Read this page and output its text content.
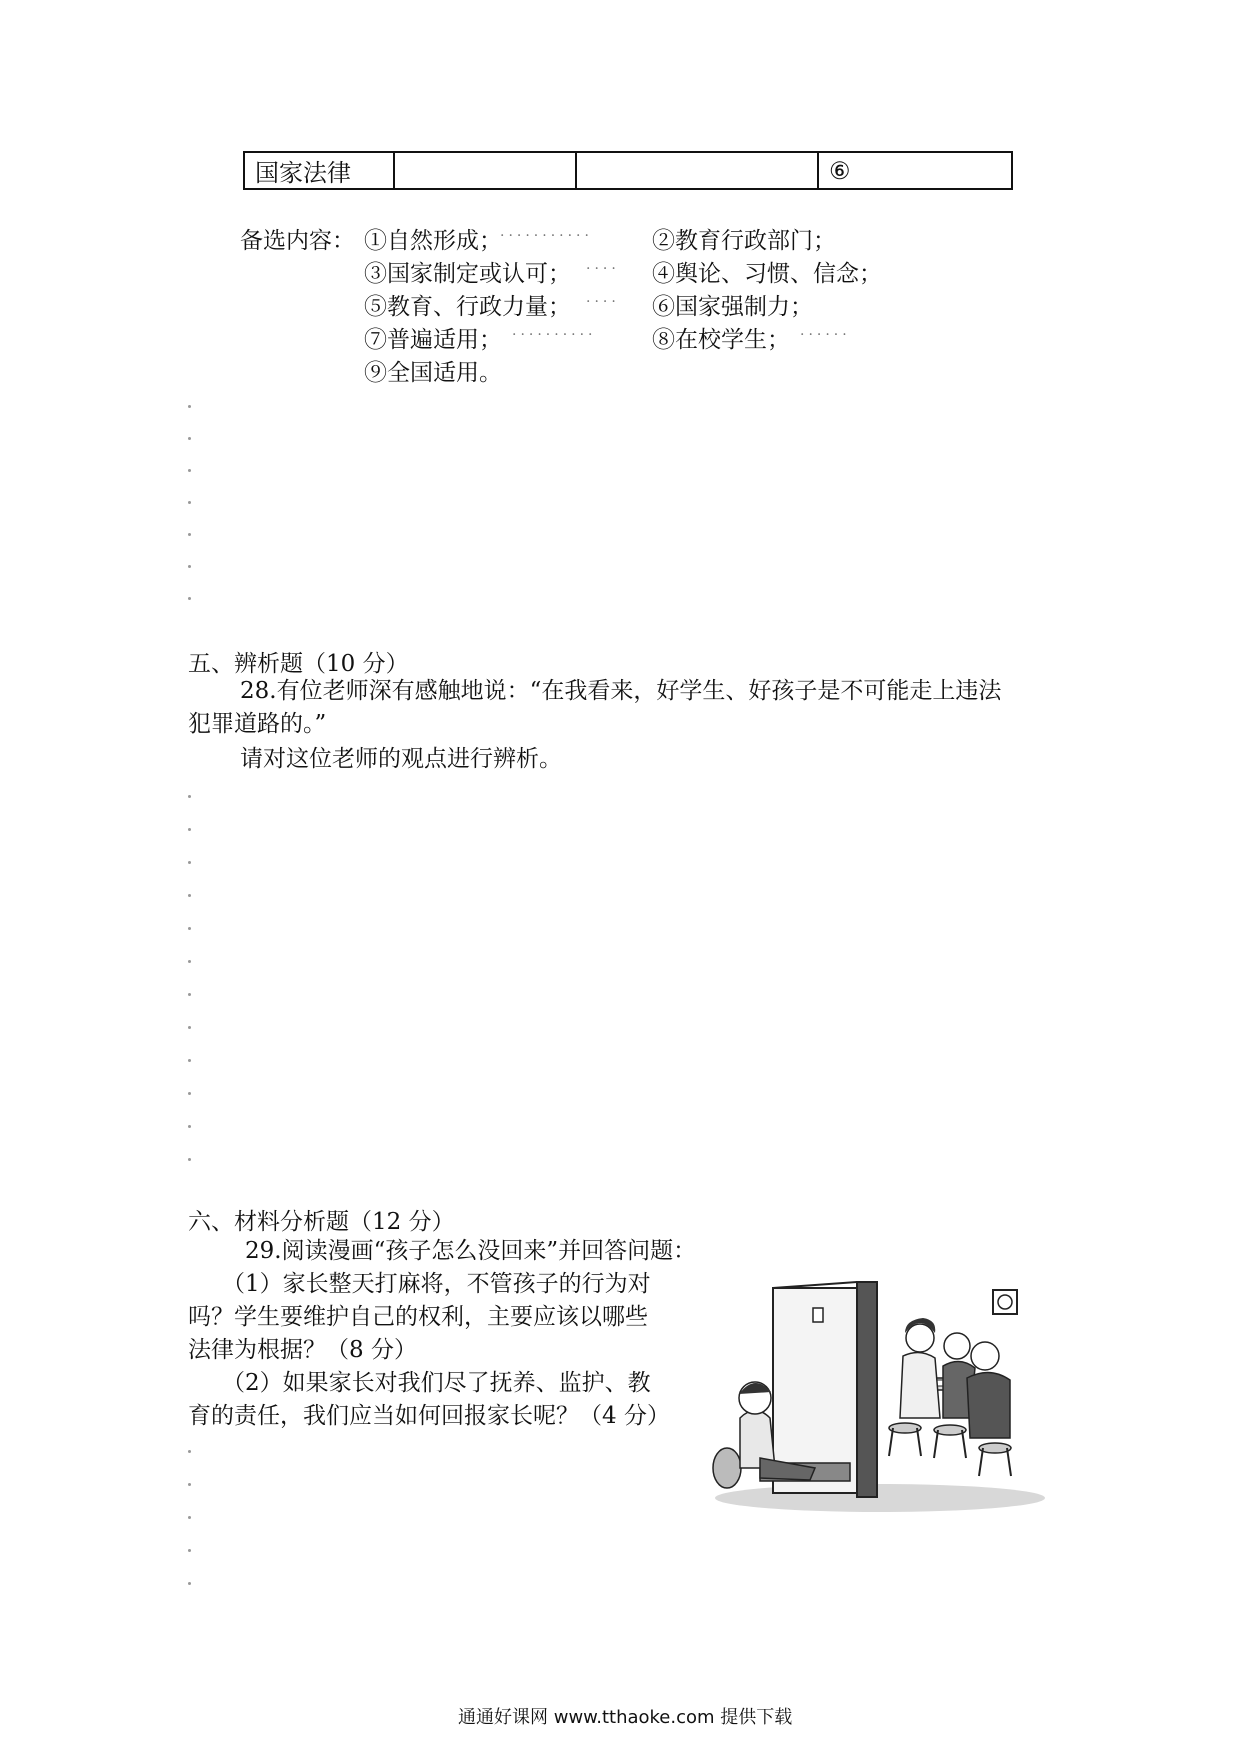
国家法律			⑥
备选内容： ①自然形成；
···········	②教育行政部门；
③国家制定或认可； ···· ④舆论、习惯、信念；
⑤教育、行政力量； ···· ⑥国家强制力；
⑦普遍适用； ·········· ⑧在校学生； ······
⑨全国适用。
五、辨析题（10 分）
28.有位老师深有感触地说：“在我看来，好学生、好孩子是不可能走上违法
犯罪道路的。”
请对这位老师的观点进行辨析。
六、材料分析题（12 分）
29.阅读漫画“孩子怎么没回来”并回答问题：
（1）家长整天打麻将，不管孩子的行为对
吗？学生要维护自己的权利，主要应该以哪些
法律为根据？（8 分）
（2）如果家长对我们尽了抚养、监护、教
育的责任，我们应当如何回报家长呢？（4 分）
通通好课网 www.tthaoke.com 提供下载
